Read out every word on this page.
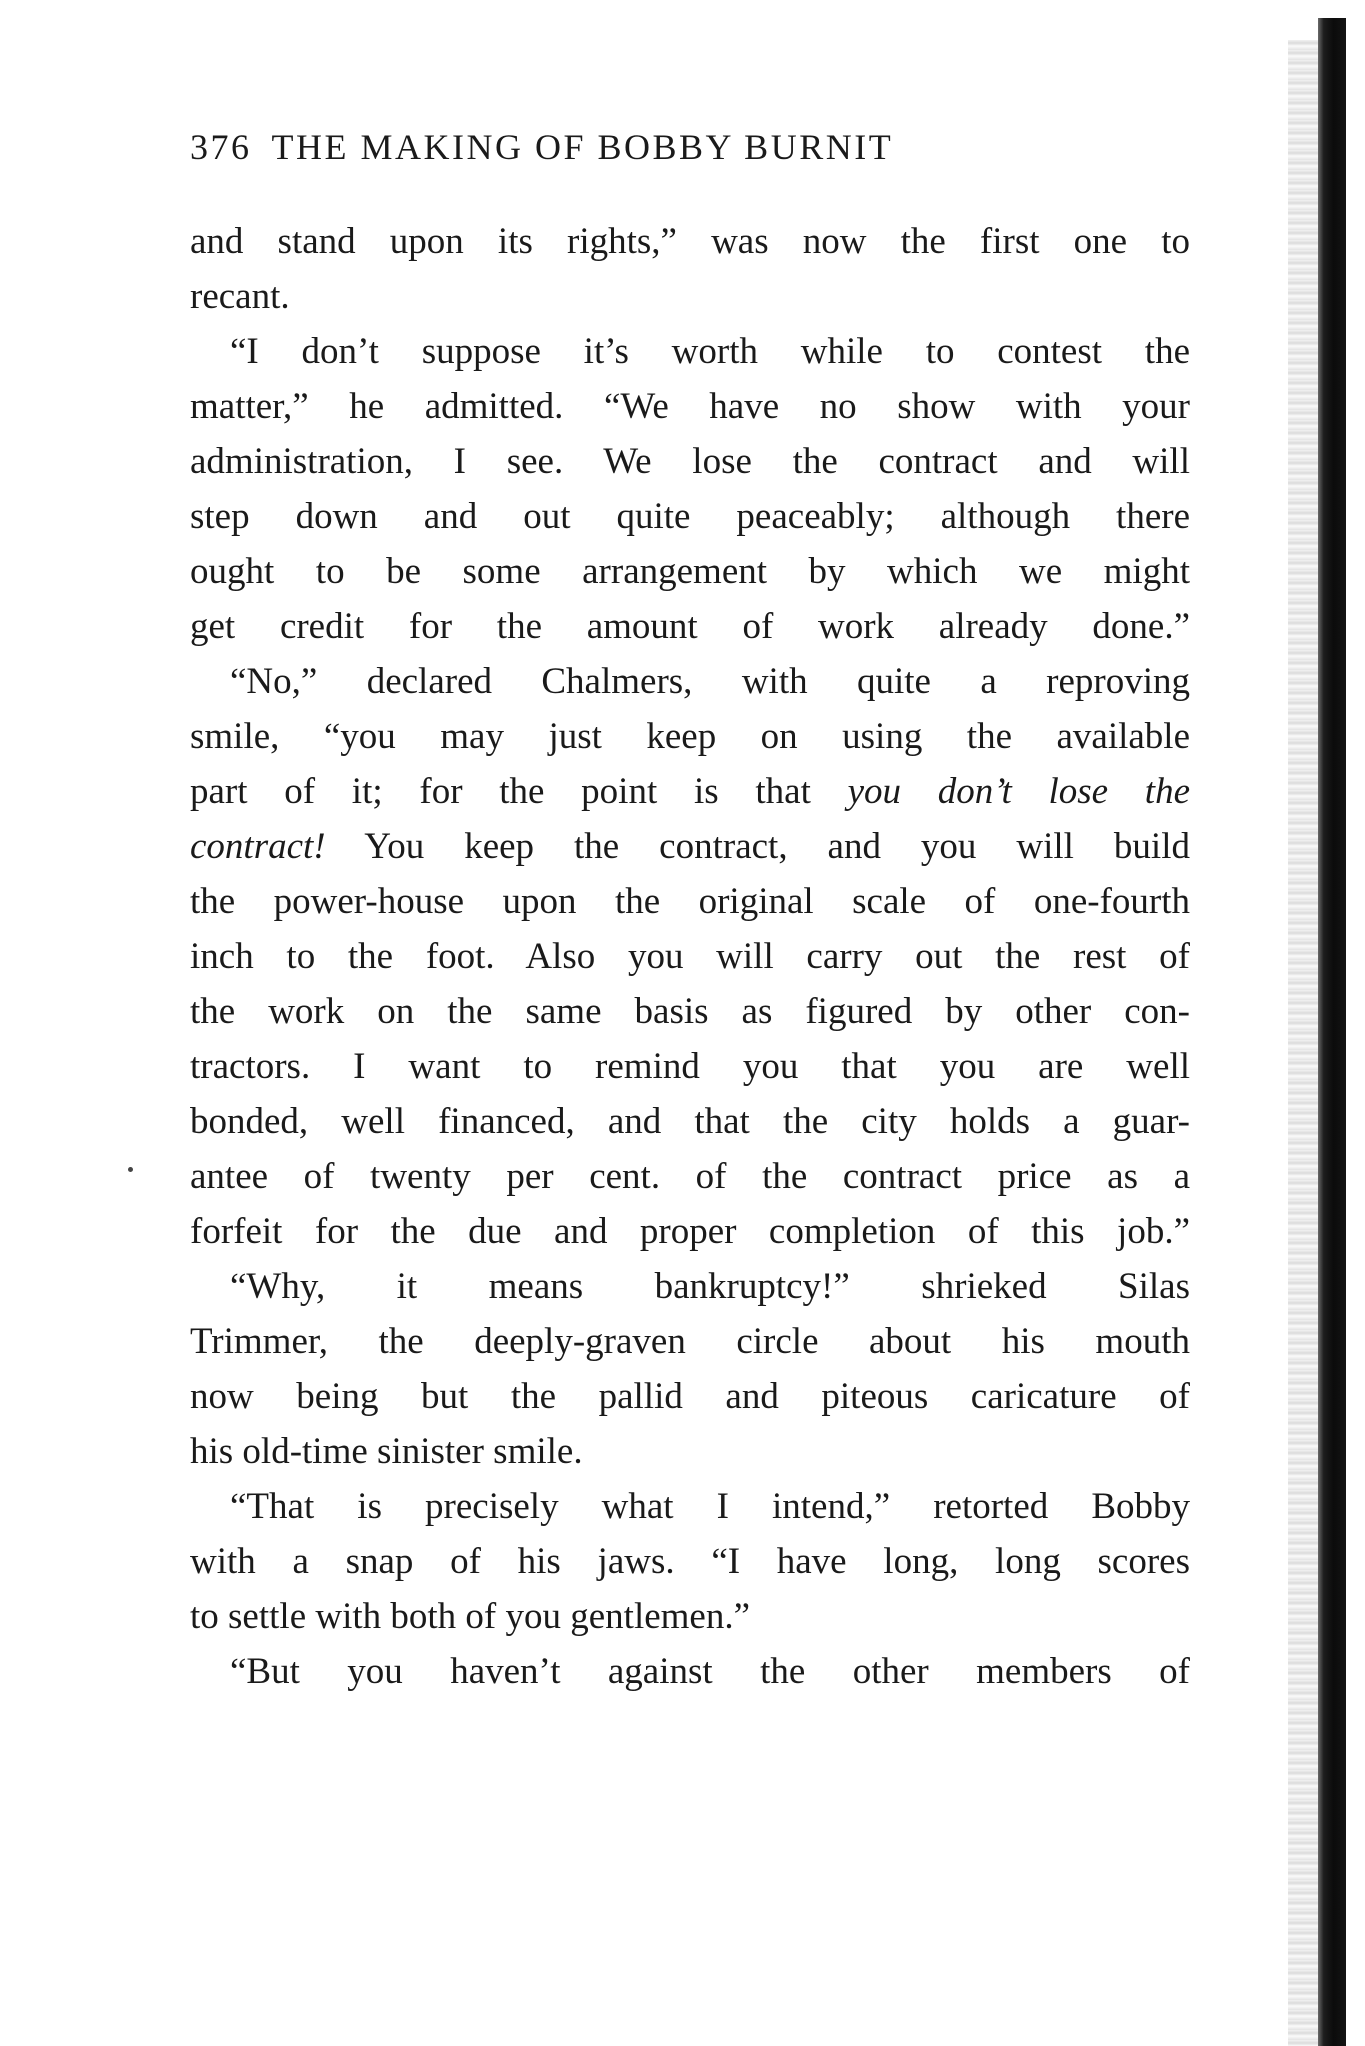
376 THE MAKING OF BOBBY BURNIT
and stand upon its rights,” was now the first one to
recant.
“I don’t suppose it’s worth while to contest the
matter,” he admitted. “We have no show with your
administration, I see. We lose the contract and will
step down and out quite peaceably; although there
ought to be some arrangement by which we might
get credit for the amount of work already done.”
“No,” declared Chalmers, with quite a reproving
smile, “you may just keep on using the available
part of it; for the point is that you don’t lose the
contract! You keep the contract, and you will build
the power-house upon the original scale of one-fourth
inch to the foot. Also you will carry out the rest of
the work on the same basis as figured by other con-
tractors. I want to remind you that you are well
bonded, well financed, and that the city holds a guar-
antee of twenty per cent. of the contract price as a
forfeit for the due and proper completion of this job.”
“Why, it means bankruptcy!” shrieked Silas
Trimmer, the deeply-graven circle about his mouth
now being but the pallid and piteous caricature of
his old-time sinister smile.
“That is precisely what I intend,” retorted Bobby
with a snap of his jaws. “I have long, long scores
to settle with both of you gentlemen.”
“But you haven’t against the other members of
